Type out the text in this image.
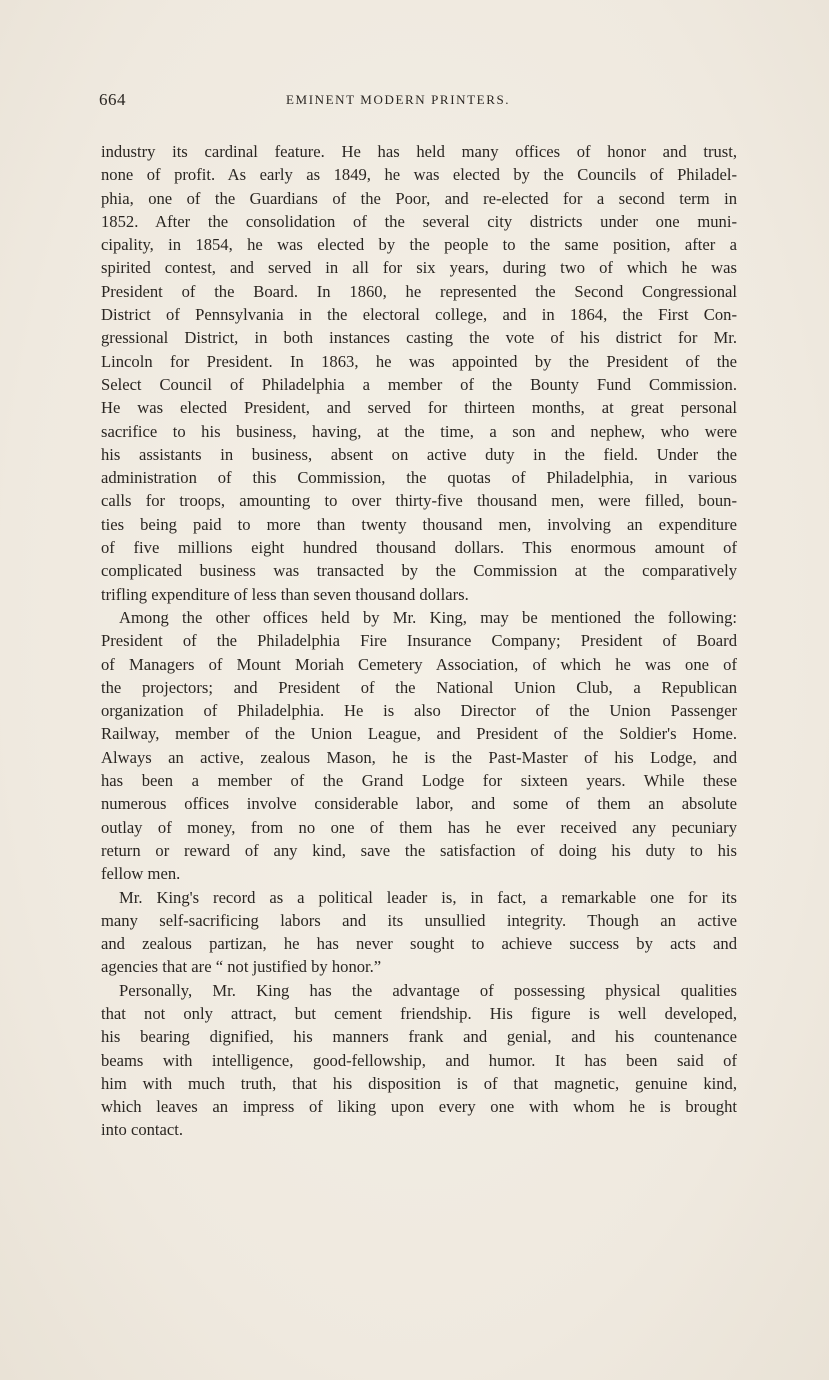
664	EMINENT MODERN PRINTERS.

industry its cardinal feature. He has held many offices of honor and trust,
none of profit. As early as 1849, he was elected by the Councils of Philadel-
phia, one of the Guardians of the Poor, and re-elected for a second term in
1852. After the consolidation of the several city districts under one muni-
cipality, in 1854, he was elected by the people to the same position, after a
spirited contest, and served in all for six years, during two of which he was
President of the Board. In 1860, he represented the Second Congressional
District of Pennsylvania in the electoral college, and in 1864, the First Con-
gressional District, in both instances casting the vote of his district for Mr.
Lincoln for President. In 1863, he was appointed by the President of the
Select Council of Philadelphia a member of the Bounty Fund Commission.
He was elected President, and served for thirteen months, at great personal
sacrifice to his business, having, at the time, a son and nephew, who were
his assistants in business, absent on active duty in the field. Under the
administration of this Commission, the quotas of Philadelphia, in various
calls for troops, amounting to over thirty-five thousand men, were filled, boun-
ties being paid to more than twenty thousand men, involving an expenditure
of five millions eight hundred thousand dollars. This enormous amount of
complicated business was transacted by the Commission at the comparatively
trifling expenditure of less than seven thousand dollars.

Among the other offices held by Mr. King, may be mentioned the following:
President of the Philadelphia Fire Insurance Company; President of Board
of Managers of Mount Moriah Cemetery Association, of which he was one of
the projectors; and President of the National Union Club, a Republican
organization of Philadelphia. He is also Director of the Union Passenger
Railway, member of the Union League, and President of the Soldier's Home.
Always an active, zealous Mason, he is the Past-Master of his Lodge, and
has been a member of the Grand Lodge for sixteen years. While these
numerous offices involve considerable labor, and some of them an absolute
outlay of money, from no one of them has he ever received any pecuniary
return or reward of any kind, save the satisfaction of doing his duty to his
fellow men.

Mr. King's record as a political leader is, in fact, a remarkable one for its
many self-sacrificing labors and its unsullied integrity. Though an active
and zealous partizan, he has never sought to achieve success by acts and
agencies that are “ not justified by honor.”

Personally, Mr. King has the advantage of possessing physical qualities
that not only attract, but cement friendship. His figure is well developed,
his bearing dignified, his manners frank and genial, and his countenance
beams with intelligence, good-fellowship, and humor. It has been said of
him with much truth, that his disposition is of that magnetic, genuine kind,
which leaves an impress of liking upon every one with whom he is brought
into contact.
